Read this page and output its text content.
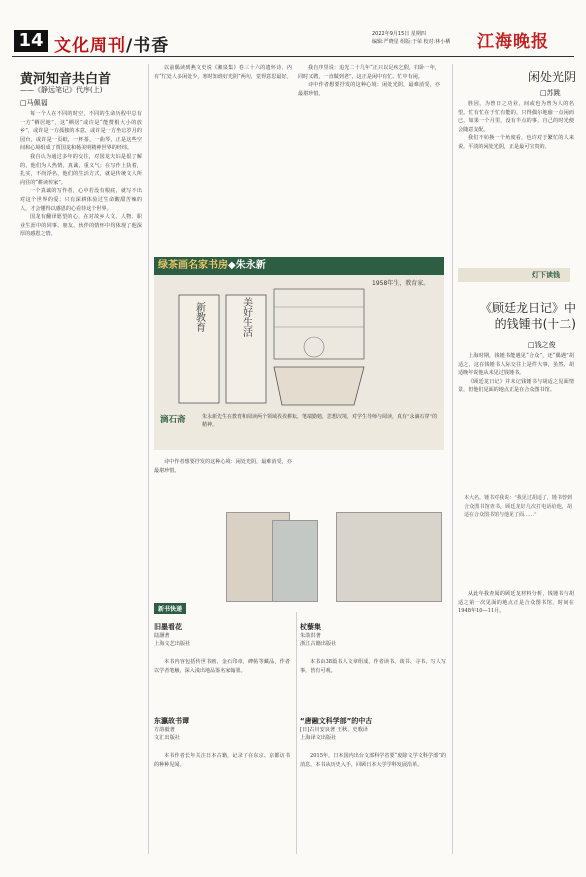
14 文化周刊/书香
2022年9月15日 星期四
编辑:严晓星 组版:于荣 校对:林小栖 江海晚报
黄河知音共白首
——《静远笔记》代序(上)
□马佩福

每一个人在不同的时空，不同的生命历程中总有一方“栖居地”，这“栖居”或许是“能赞根大小的放乡”，或许是一方孤独的本意，或许是一方坐忘岁月的园台，或许是一页纸，一杯茶，一曲琴，正是这些空间和心境组成了贾国龙和杨美明精神世界的经纬。

我自认为通过多年的交往，对国龙夫妇是很了解的，他们为人热情，真诚，重义气；在写作上执着，扎实，不尚浮名，他们的生活方式，就是传统文人所向往的“耕读传家”。

一个真诚的写作者，心中若没有根底，就写不出对这个世界的爱；只有深耕体验过生命酸甜苦辣的人，才会懂得以感恩的心看待这个世界。

国龙有翻译愿望的心，在对故乡人文、人物、职业生涯中的同事、朋友、伙伴的情怀中均体现了他深厚的感恩之情。

以前偶读到燕文史说《湘泉集》卷三十六的遗怀诗，内有“忙处人多闲处少，寒时知谁好光阴”两句，觉得意思最好。

我自序里说：追光二十几年“正只以足疾乞假，归卧一年，同时又聘，一直做到老”，这正是闲中有忙、忙中有闲。

诗中作者想要抒发的这种心境：闲处光阴，最难消受，亦最堪珍惜。

绿茶画名家书房◆朱永新
1958年生，教育家。
新教育	美好生活
滴石斋	朱永新先生在教育和阅读两个领域孜孜耕耘，笔端勤勉，思想汉境，对学生导师与阅读，真有“永滴石穿”的精神。
闲处光阴
□苏跳

胜因，为曾日之功业，间或也为曾为人的名望。忙有忙在于忙有能的，只得偶尔地偷一点闲而已，如果一个月里，没有半点的事，自己的时光便会随意支配。

我们不妨换一个角度看，也许对于繁忙的人来说，平淡的闲处光阴，正是最可宝贵的。

灯下读钱
《顾廷龙日记》中
的钱锺书(十二)
□钱之俊

上海时期，钱锺书能遇见“合众”，还“偶遇”胡适之，这在钱锺书人际交往上是件大事，虽然，胡适晚年说他从未见过钱锺书。

《顾廷龙日记》并未记钱锺书与胡适之见面情景，但他们见面的地点正是在合众图书馆。

本大名，锺书对我说：“我见过胡适了，锺书曾到合众图书馆查书，顾廷龙好几次打电话给他，胡适在合众图书馆与他见了面……”

从此年我查阅的顾廷龙材料分析，钱锺书与胡适之第一次见面的地点正是合众图书馆，时间在1948年10—11月。

诗中作者想要抒发的这种心境：闲处光阴，最难消受，亦最堪珍惜。

新书快递
旧墨看花
陆灏著
上海文艺出版社

本书内容包括传世书画，金石印章，碑帖等藏品，作者以学者笔触，深入浅出地品鉴名家翰墨。

东瀛故书谭
方韵毅著
文汇出版社

本书作者长年关注日本古籍，记录了在东京、京都访书的种种见闻。

杖藜集
朱劭洪著
浙江古籍出版社

本书由38篇书人文章组成，作者读书、谈书、寻书，写人写事，皆有可观。

“唐融文科学部”的中古
[日]古川安良著 王秋、史歌译
上海译文出版社

2015年，日本国内出台文部科学省要“废除文学文科学部”的消息。本书从历史入手，回顾日本大学学科发展沿革。
